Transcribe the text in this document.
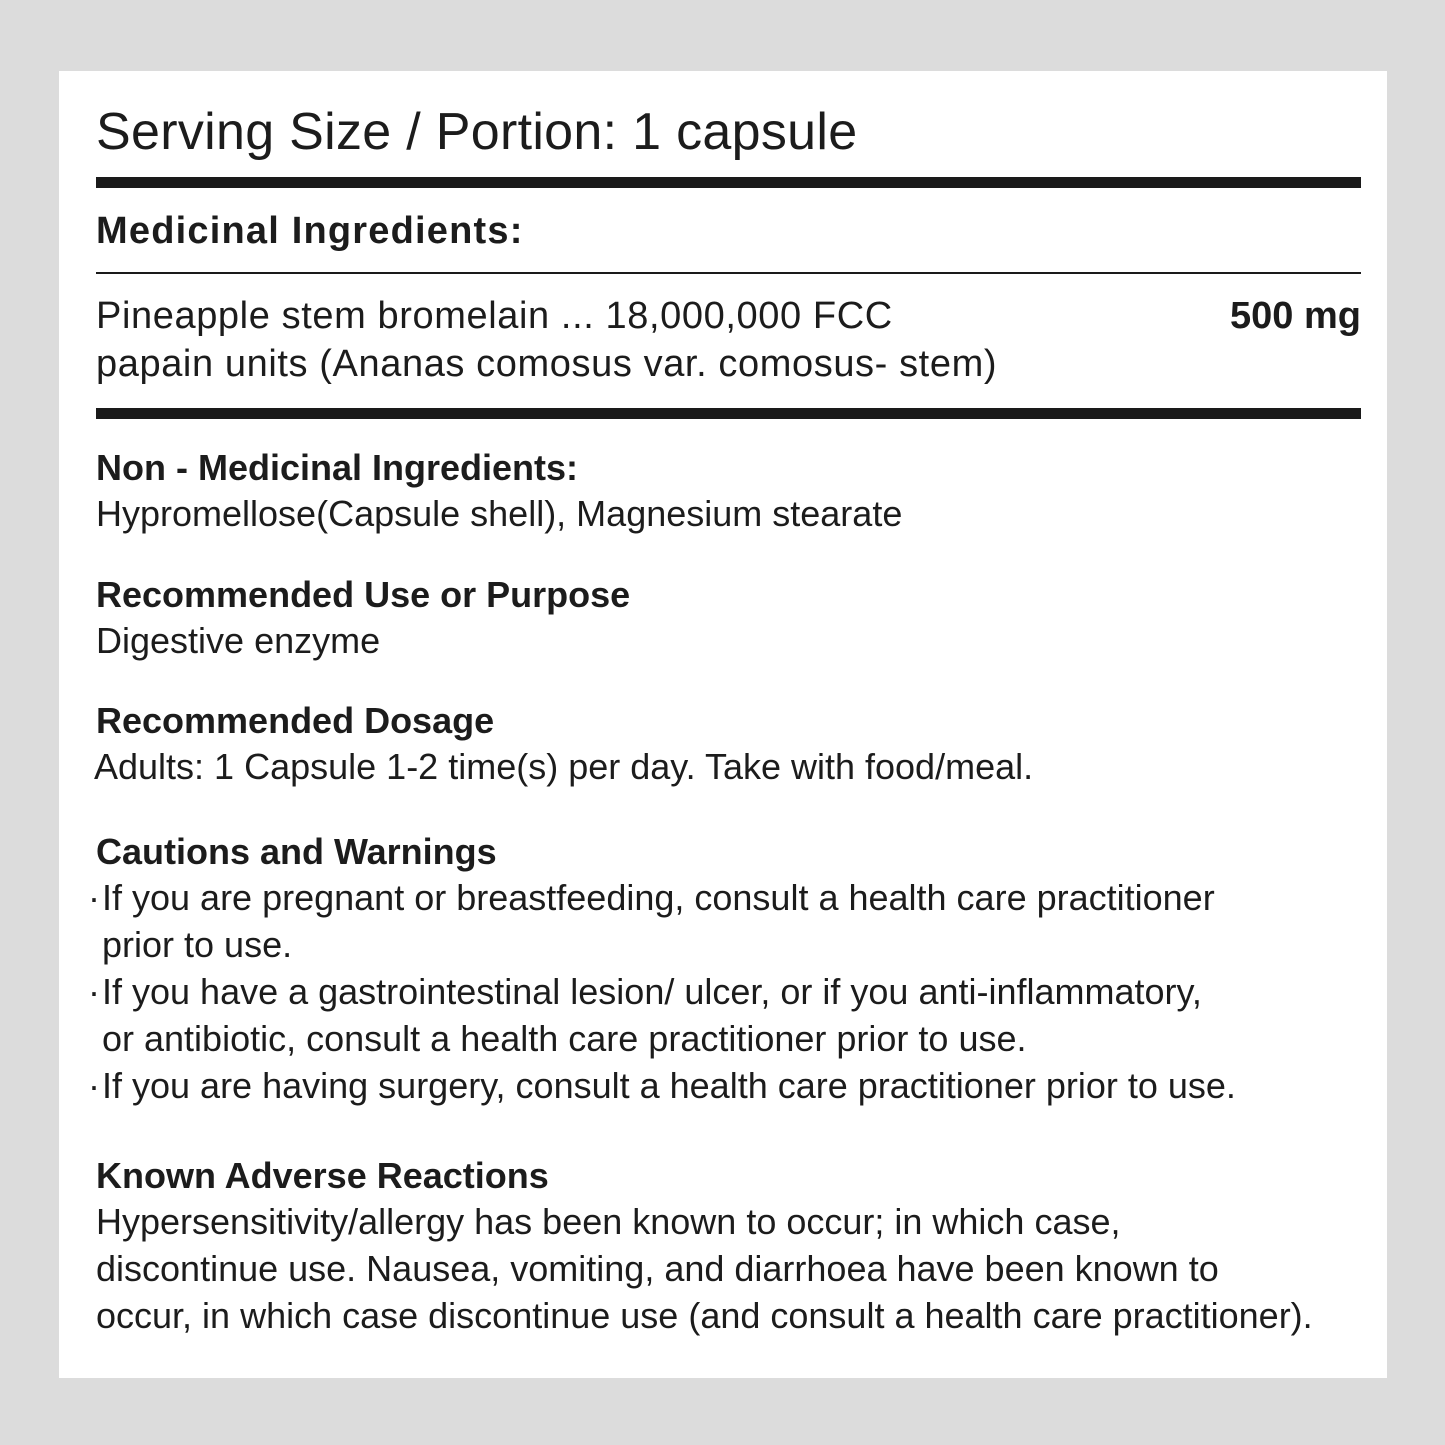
Serving Size / Portion: 1 capsule
Medicinal Ingredients:
Pineapple stem bromelain ... 18,000,000 FCC
papain units (Ananas comosus var. comosus- stem)
500 mg
Non - Medicinal Ingredients:
Hypromellose(Capsule shell), Magnesium stearate
Recommended Use or Purpose
Digestive enzyme
Recommended Dosage
Adults: 1 Capsule 1-2 time(s) per day. Take with food/meal.
Cautions and Warnings
· If you are pregnant or breastfeeding, consult a health care practitioner
prior to use.
· If you have a gastrointestinal lesion/ ulcer, or if you anti-inflammatory,
or antibiotic, consult a health care practitioner prior to use.
· If you are having surgery, consult a health care practitioner prior to use.
Known Adverse Reactions
Hypersensitivity/allergy has been known to occur; in which case,
discontinue use. Nausea, vomiting, and diarrhoea have been known to
occur, in which case discontinue use (and consult a health care practitioner).
